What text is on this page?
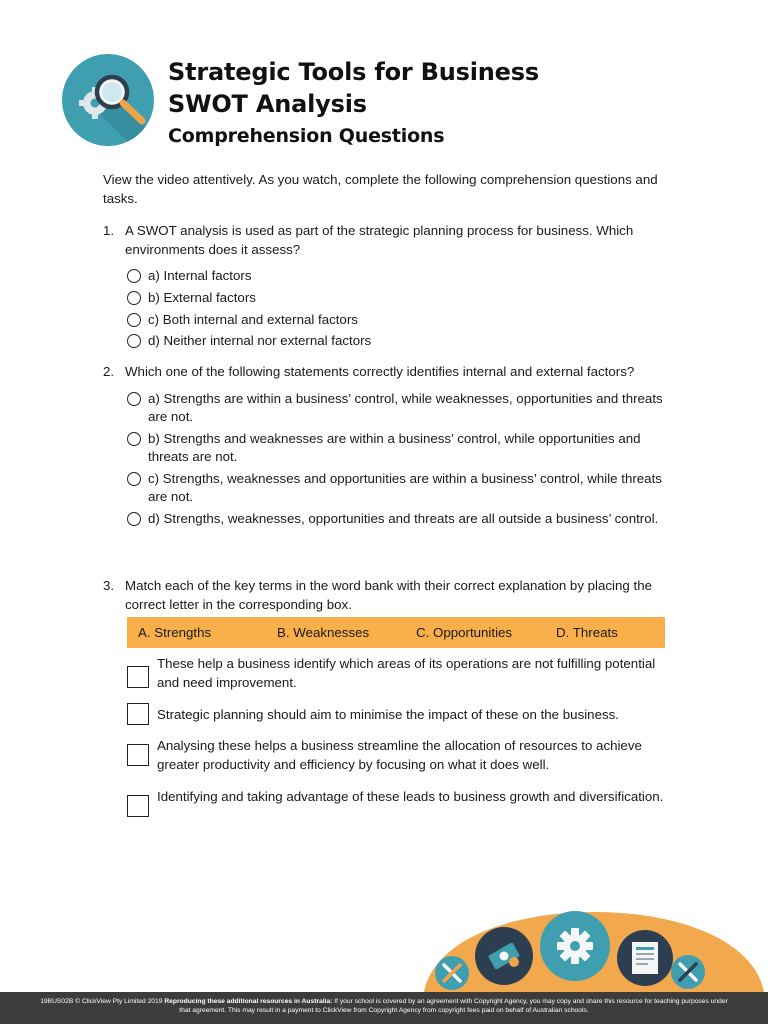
Strategic Tools for Business
SWOT Analysis
Comprehension Questions
View the video attentively. As you watch, complete the following comprehension questions and tasks.
1. A SWOT analysis is used as part of the strategic planning process for business. Which environments does it assess?
a) Internal factors
b) External factors
c) Both internal and external factors
d) Neither internal nor external factors
2. Which one of the following statements correctly identifies internal and external factors?
a) Strengths are within a business’ control, while weaknesses, opportunities and threats are not.
b) Strengths and weaknesses are within a business’ control, while opportunities and threats are not.
c) Strengths, weaknesses and opportunities are within a business’ control, while threats are not.
d) Strengths, weaknesses, opportunities and threats are all outside a business’ control.
3. Match each of the key terms in the word bank with their correct explanation by placing the correct letter in the corresponding box.
A. Strengths	B. Weaknesses	C. Opportunities	D. Threats
These help a business identify which areas of its operations are not fulfilling potential and need improvement.
Strategic planning should aim to minimise the impact of these on the business.
Analysing these helps a business streamline the allocation of resources to achieve greater productivity and efficiency by focusing on what it does well.
Identifying and taking advantage of these leads to business growth and diversification.
19BUS02B © ClickView Pty Limited 2019 Reproducing these additional resources in Australia: If your school is covered by an agreement with Copyright Agency, you may copy and share this resource for teaching purposes under that agreement. This may result in a payment to ClickView from Copyright Agency from copyright fees paid on behalf of Australian schools.
